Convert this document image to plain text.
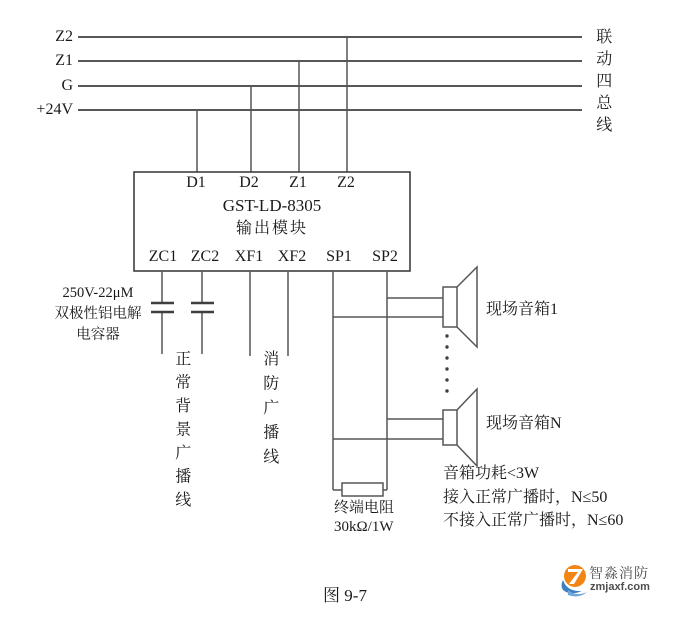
Z2
Z1
G
+24V	联动四总线
D1	D2	Z1	Z2
GST-LD-8305
输出模块
ZC1 ZC2 XF1 XF2	SP1	SP2
250V-22μM
双极性铝电解
电容器
正常背景广播线	消防广播线
现场音箱1
现场音箱N
终端电阻
30kΩ/1W
音箱功耗<3W
接入正常广播时，N≤50
不接入正常广播时，N≤60
图 9-7
智淼消防
zmjaxf.com
